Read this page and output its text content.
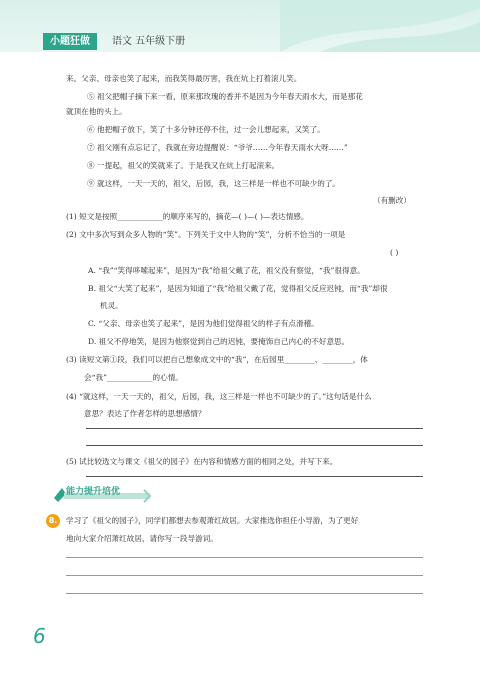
小题狂做	语文 五年级下册
来。父亲、母亲也笑了起来，而我笑得最厉害，我在炕上打着滚儿笑。
⑤ 祖父把帽子摘下来一看，原来那玫瑰的香并不是因为今年春天雨水大，而是那花
就顶在他的头上。
⑥ 他把帽子放下，笑了十多分钟还停不住，过一会儿想起来，又笑了。
⑦ 祖父刚有点忘记了，我就在旁边提醒说：“爷爷……今年春天雨水大呀……”
⑧ 一提起，祖父的笑就来了。于是我又在炕上打起滚来。
⑨ 就这样，一天一天的，祖父，后园，我，这三样是一样也不可缺少的了。
（有删改）
(1) 短文是按照____________的顺序来写的，摘花—( )—( )—表达情感。
(2) 文中多次写到众多人物的“笑”。下列关于文中人物的“笑”，分析不恰当的一项是
( )
A. “我”“笑得哆嗦起来”，是因为“我”给祖父戴了花，祖父没有察觉，“我”很得意。
B. 祖父“大笑了起来”，是因为知道了“我”给祖父戴了花，觉得祖父反应迟钝，而“我”却很
机灵。
C. “父亲、母亲也笑了起来”，是因为他们觉得祖父的样子有点滑稽。
D. 祖父不停地笑，是因为他察觉到自己的迟钝，要掩饰自己内心的不好意思。
(3) 读短文第①段，我们可以把自己想象成文中的“我”，在后园里________、________，体
会“我”____________的心情。
(4) “就这样，一天一天的，祖父，后园，我，这三样是一样也不可缺少的了。”这句话是什么
意思？表达了作者怎样的思想感情？
(5) 试比较选文与课文《祖父的园子》在内容和情感方面的相同之处，并写下来。
能力提升培优
8.	学习了《祖父的园子》，同学们都想去参观萧红故居。大家推选你担任小导游，为了更好
地向大家介绍萧红故居，请你写一段导游词。
6
